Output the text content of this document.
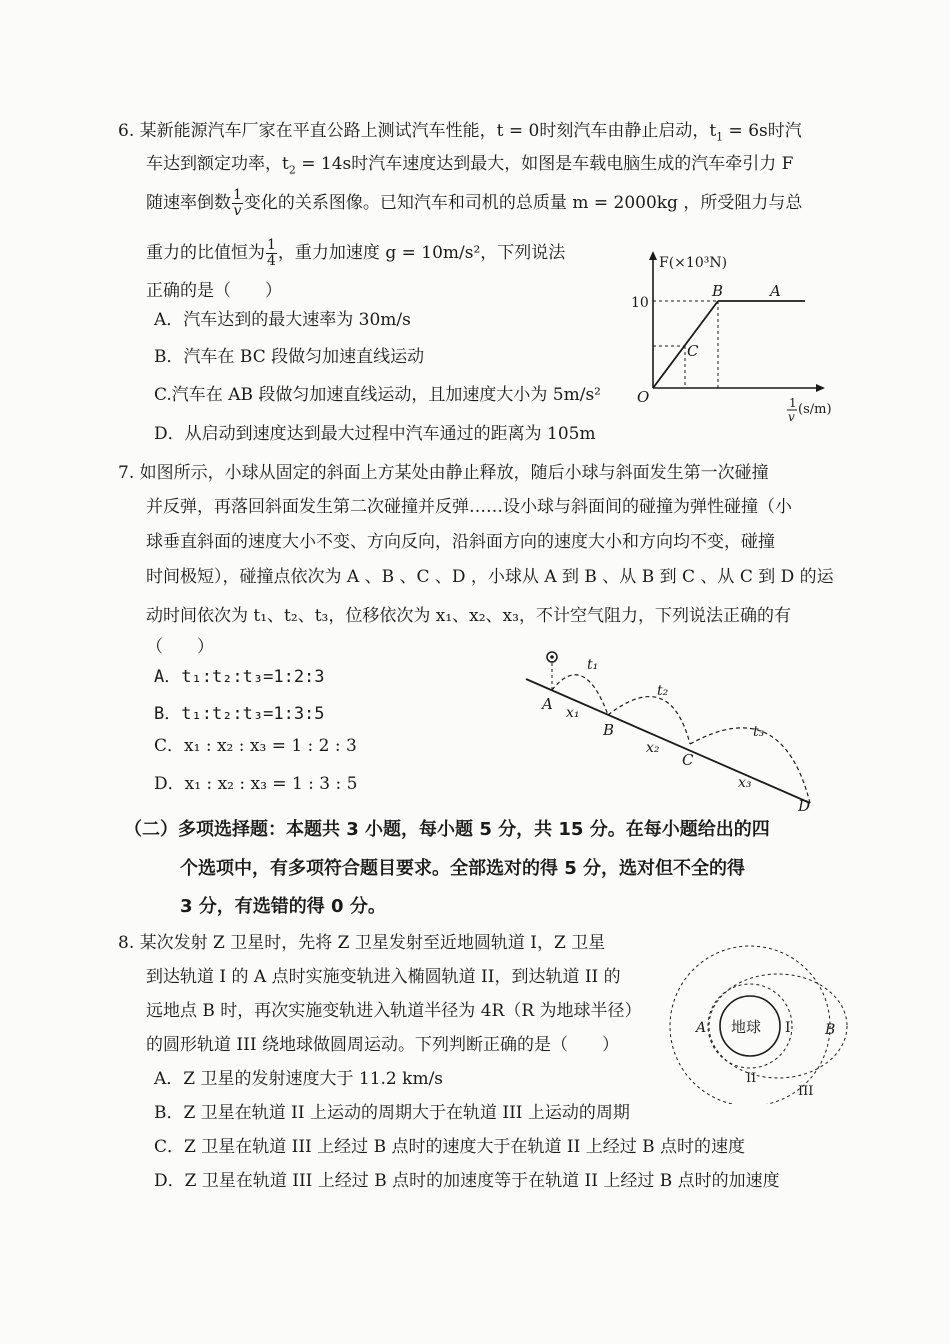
6. 某新能源汽车厂家在平直公路上测试汽车性能，t = 0时刻汽车由静止启动，$t_1 = 6s$时汽
车达到额定功率，$t_2 = 14s$时汽车速度达到最大，如图是车载电脑生成的汽车牵引力 F
随速率倒数 $\frac{1}{v}$ 变化的关系图像。已知汽车和司机的总质量 m = 2000kg ，所受阻力与总
重力的比值恒为 $\frac{1}{4}$ ，重力加速度 g = 10m/s²，下列说法
正确的是（　　）
A．汽车达到的最大速率为 30m/s
B．汽车在 BC 段做匀加速直线运动
C.汽车在 AB 段做匀加速直线运动，且加速度大小为 5m/s²
D．从启动到速度达到最大过程中汽车通过的距离为 105m
F(×10³N)
10
B	A
C
O	1
v (s/m)
7. 如图所示，小球从固定的斜面上方某处由静止释放，随后小球与斜面发生第一次碰撞
并反弹，再落回斜面发生第二次碰撞并反弹……设小球与斜面间的碰撞为弹性碰撞（小
球垂直斜面的速度大小不变、方向反向，沿斜面方向的速度大小和方向均不变，碰撞
时间极短），碰撞点依次为 A 、B 、C 、D ，小球从 A 到 B 、从 B 到 C 、从 C 到 D 的运
动时间依次为 t₁、t₂、t₃，位移依次为 x₁、x₂、x₃，不计空气阻力，下列说法正确的有
（　　）
A．t₁:t₂:t₃=1:2:3
B．t₁:t₂:t₃=1:3:5
C．x₁ : x₂ : x₃ = 1 : 2 : 3
D．x₁ : x₂ : x₃ = 1 : 3 : 5
A
B
C
D
t₁
t₂
t₃
x₁
x₂
x₃
（二）多项选择题：本题共 3 小题，每小题 5 分，共 15 分。在每小题给出的四
个选项中，有多项符合题目要求。全部选对的得 5 分，选对但不全的得
3 分，有选错的得 0 分。
8. 某次发射 Z 卫星时，先将 Z 卫星发射至近地圆轨道 I，Z 卫星
到达轨道 I 的 A 点时实施变轨进入椭圆轨道 II，到达轨道 II 的
远地点 B 时，再次实施变轨进入轨道半径为 4R（R 为地球半径）
的圆形轨道 III 绕地球做圆周运动。下列判断正确的是（　　）
A．Z 卫星的发射速度大于 11.2 km/s
B．Z 卫星在轨道 II 上运动的周期大于在轨道 III 上运动的周期
C．Z 卫星在轨道 III 上经过 B 点时的速度大于在轨道 II 上经过 B 点时的速度
D．Z 卫星在轨道 III 上经过 B 点时的加速度等于在轨道 II 上经过 B 点时的加速度
地球
A	B
I
II
III
